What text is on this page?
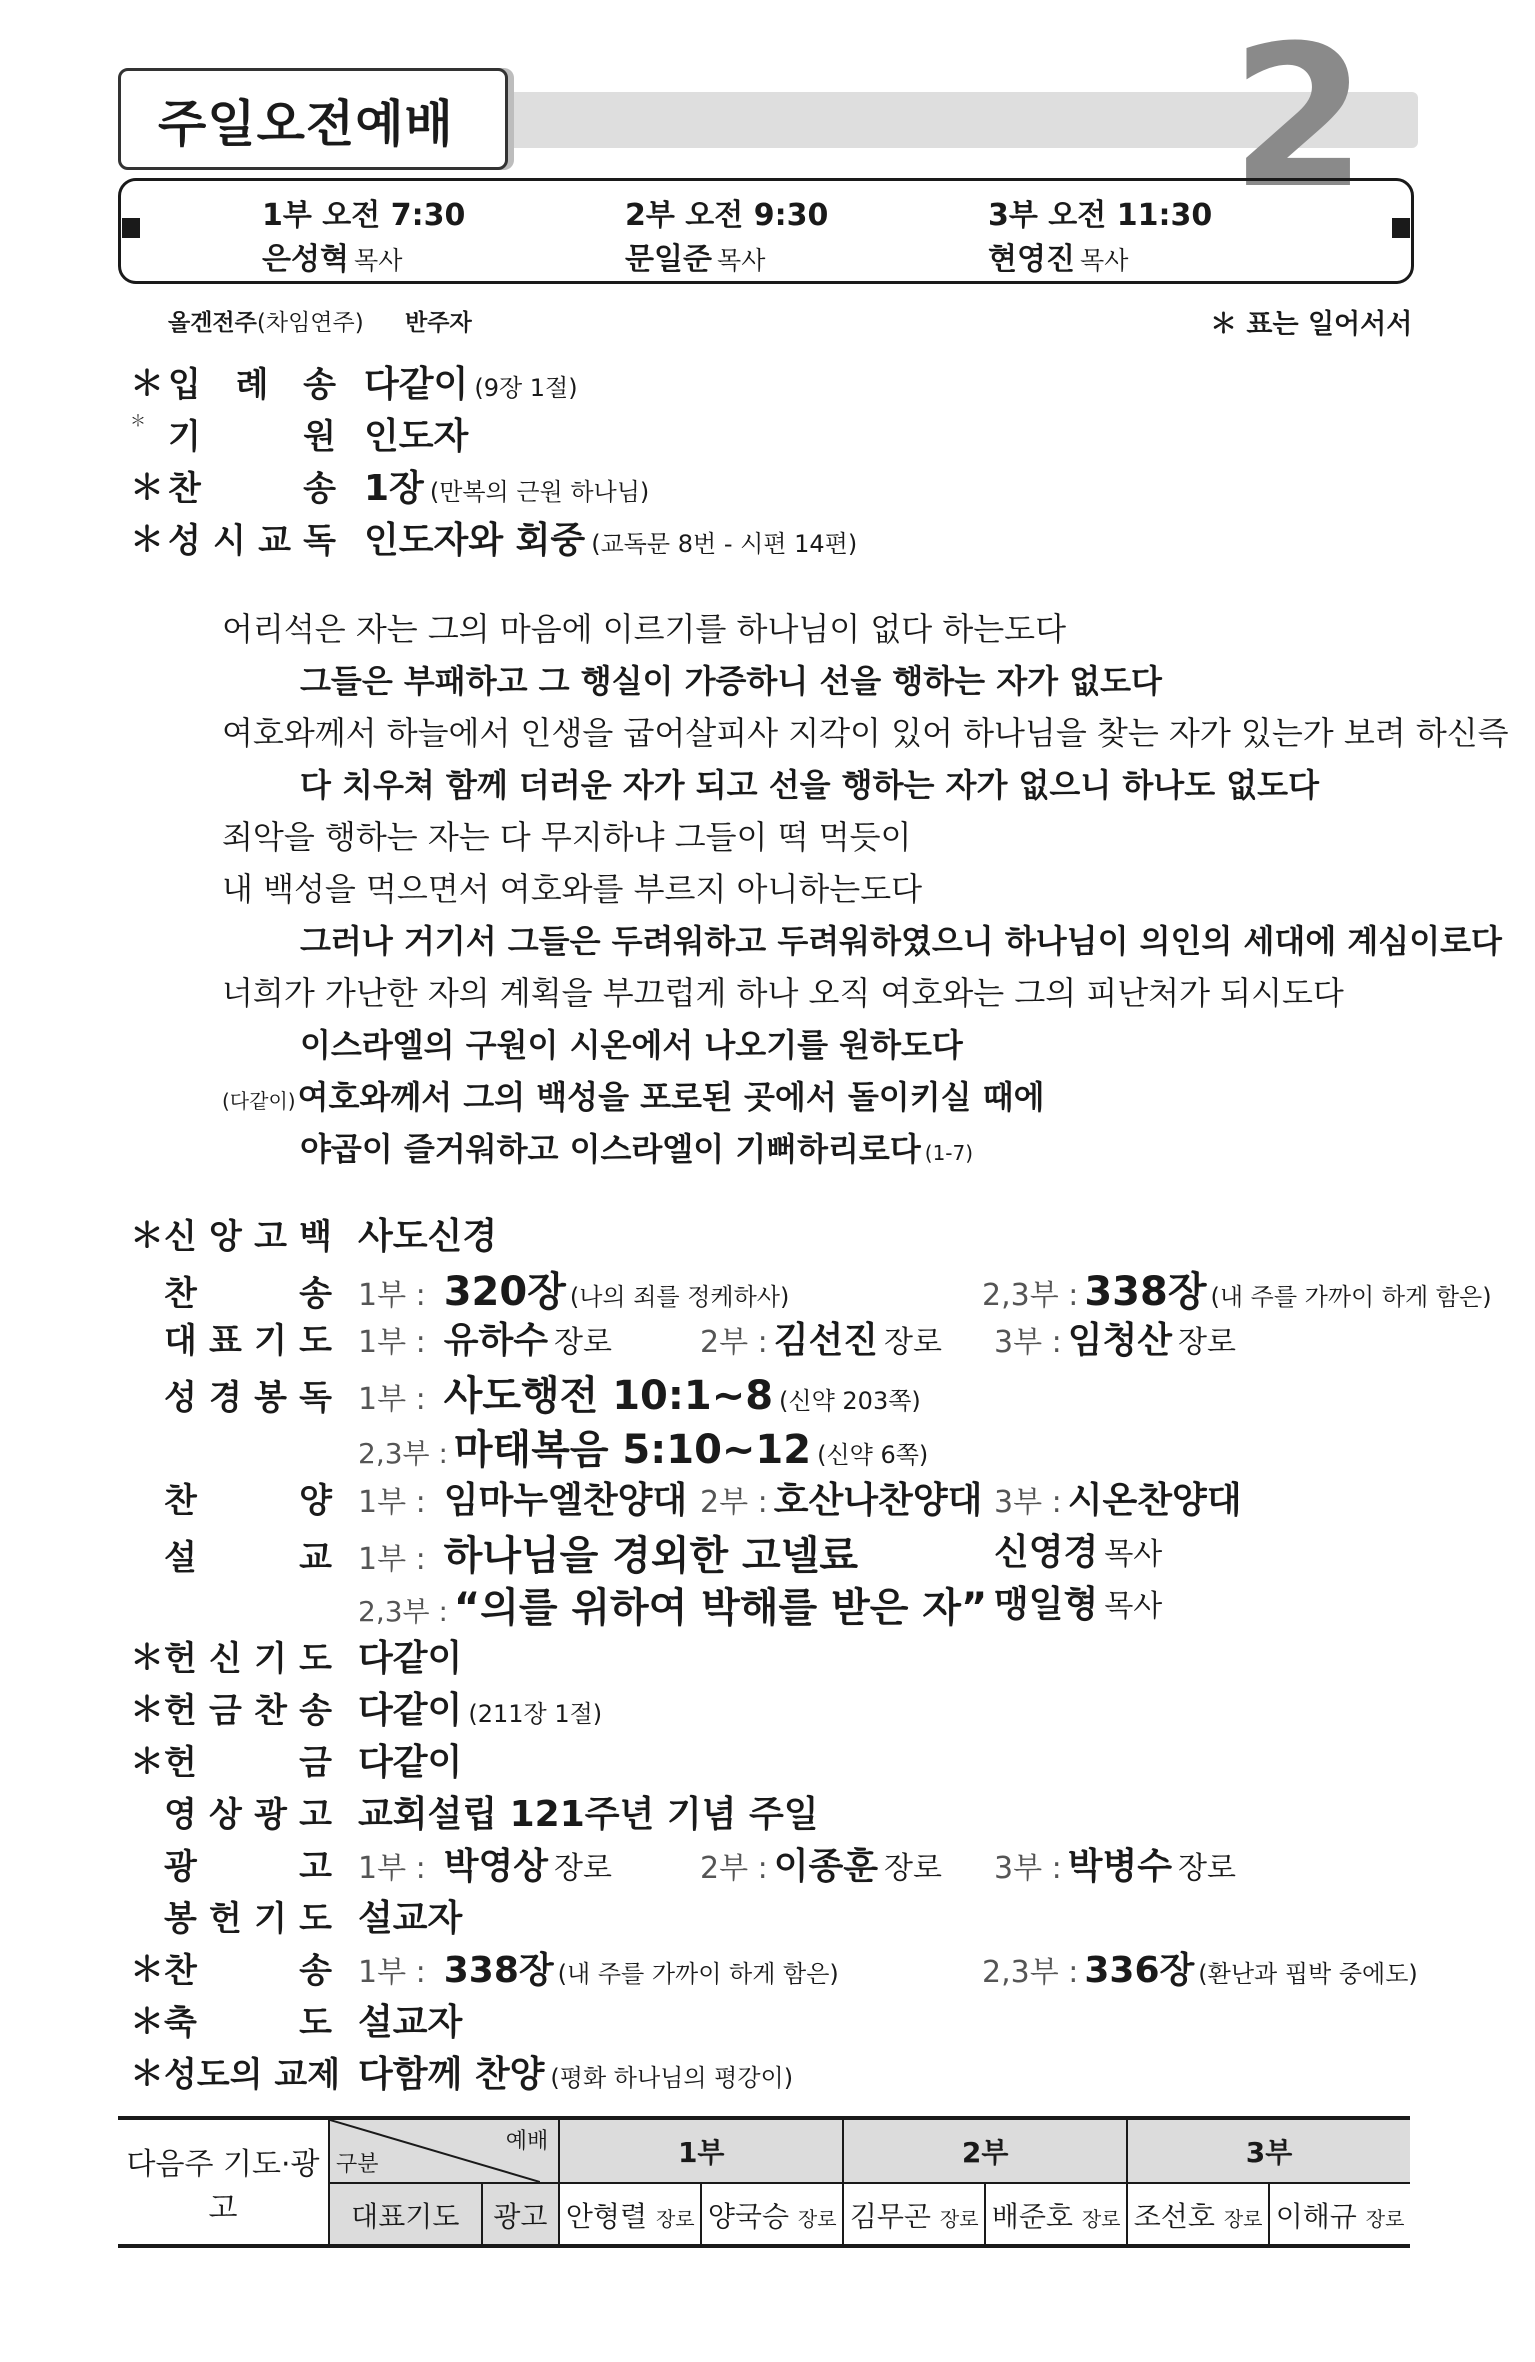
주일오전예배	2
1부 오전 7:30
은성혁 목사
2부 오전 9:30
문일준 목사
3부 오전 11:30
현영진 목사
올겐전주(차임연주) 반주자	＊ 표는 일어서서
＊ 입 례 송 다같이 (9장 1절)
＊ 기	원 인도자
＊ 찬	송 1장 (만복의 근원 하나님)
＊ 성 시 교 독 인도자와 회중 (교독문 8번 - 시편 14편)
어리석은 자는 그의 마음에 이르기를 하나님이 없다 하는도다
그들은 부패하고 그 행실이 가증하니 선을 행하는 자가 없도다
여호와께서 하늘에서 인생을 굽어살피사 지각이 있어 하나님을 찾는 자가 있는가 보려 하신즉
다 치우쳐 함께 더러운 자가 되고 선을 행하는 자가 없으니 하나도 없도다
죄악을 행하는 자는 다 무지하냐 그들이 떡 먹듯이
내 백성을 먹으면서 여호와를 부르지 아니하는도다
그러나 거기서 그들은 두려워하고 두려워하였으니 하나님이 의인의 세대에 계심이로다
너희가 가난한 자의 계획을 부끄럽게 하나 오직 여호와는 그의 피난처가 되시도다
이스라엘의 구원이 시온에서 나오기를 원하도다
(다같이) 여호와께서 그의 백성을 포로된 곳에서 돌이키실 때에
야곱이 즐거워하고 이스라엘이 기뻐하리로다 (1-7)
＊ 신 앙 고 백 사도신경
찬	송 1부 : 320장 (나의 죄를 정케하사)	2,3부 : 338장 (내 주를 가까이 하게 함은)
대 표 기 도 1부 : 유하수 장로	2부 : 김선진 장로 3부 : 임청산 장로
성 경 봉 독 1부 : 사도행전 10:1~8 (신약 203쪽)
2,3부 : 마태복음 5:10~12 (신약 6쪽)
찬	양 1부 : 임마누엘찬양대 2부 : 호산나찬양대 3부 : 시온찬양대
설	교 1부 : 하나님을 경외한 고넬료	신영경 목사
2,3부 : “의를 위하여 박해를 받은 자” 맹일형 목사
＊ 헌 신 기 도 다같이
＊ 헌 금 찬 송 다같이 (211장 1절)
＊ 헌	금 다같이
영 상 광 고 교회설립 121주년 기념 주일
광	고 1부 : 박영상 장로	2부 : 이종훈 장로 3부 : 박병수 장로
봉 헌 기 도 설교자
＊ 찬	송 1부 : 338장 (내 주를 가까이 하게 함은)	2,3부 : 336장 (환난과 핍박 중에도)
＊ 축	도 설교자
＊ 성도의 교제 다함께 찬양 (평화 하나님의 평강이)
다음주 기도·광고	예배
구분		1부		2부		3부	
	대표기도	광고	안형렬 장로	양국승 장로	김무곤 장로	배준호 장로	조선호 장로	이해규 장로
